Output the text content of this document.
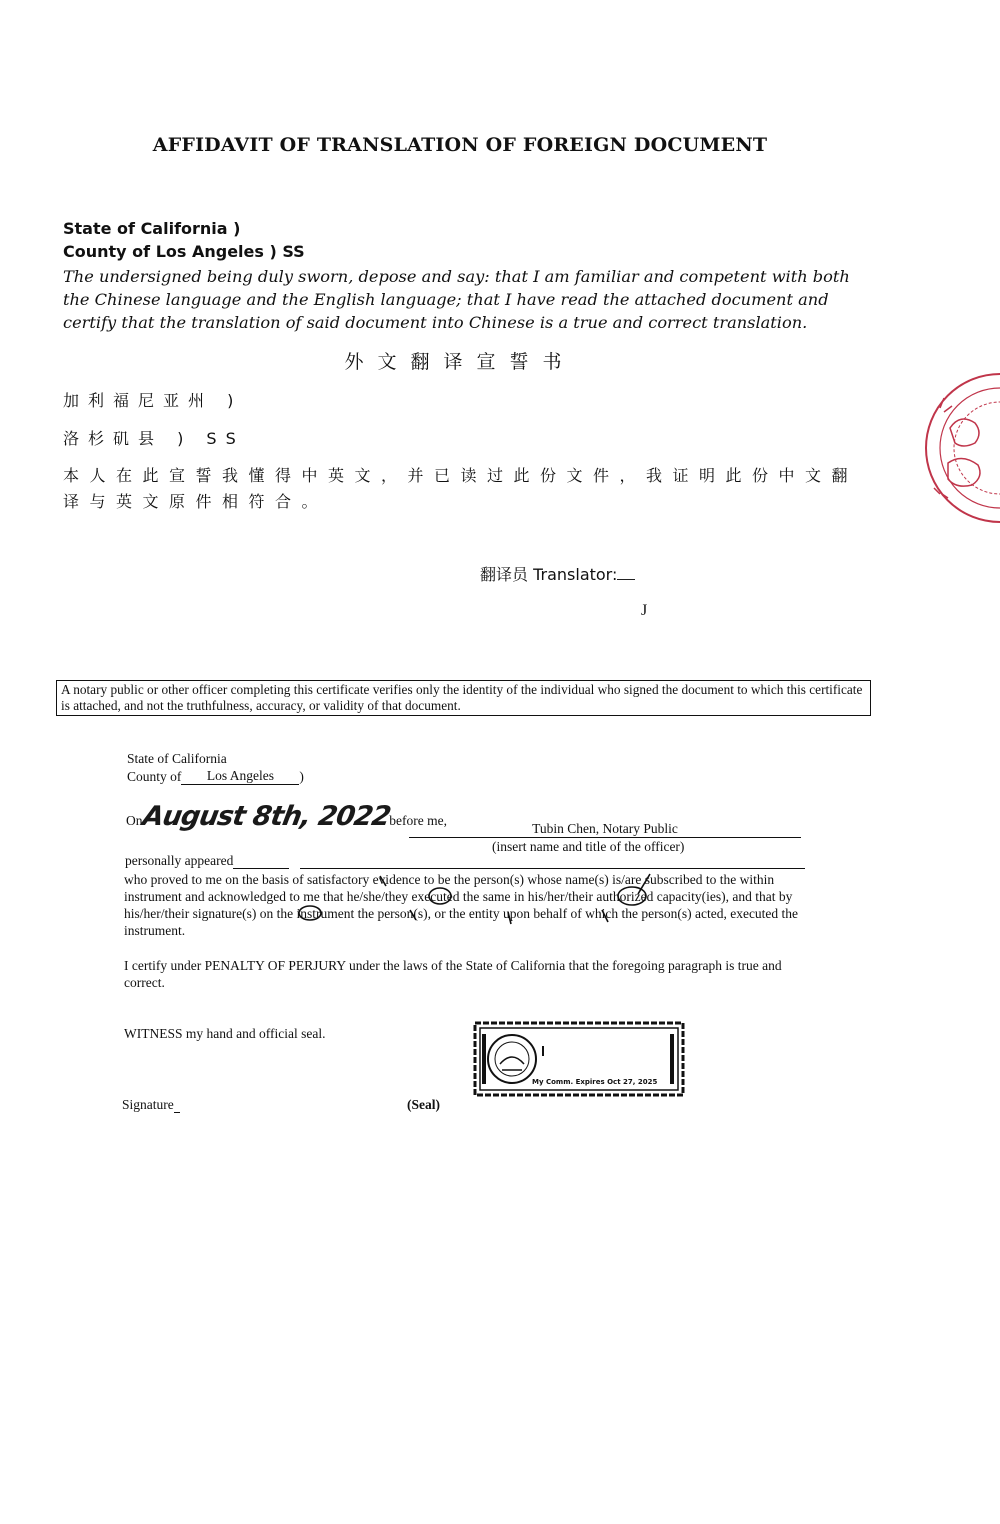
AFFIDAVIT OF TRANSLATION OF FOREIGN DOCUMENT
State of California )
County of Los Angeles ) SS
The undersigned being duly sworn, depose and say: that I am familiar and competent with both the Chinese language and the English language; that I have read the attached document and certify that the translation of said document into Chinese is a true and correct translation.
外文翻译宣誓书
加利福尼亚州 )
洛杉矶县 ) SS
本人在此宣誓我懂得中英文，并已读过此份文件，我证明此份中文翻译与英文原件相符合。
翻译员 Translator:
J
A notary public or other officer completing this certificate verifies only the identity of the individual who signed the document to which this certificate is attached, and not the truthfulness, accuracy, or validity of that document.
State of California
County of Los Angeles )
OnAugust 8th, 2022before me,
Tubin Chen, Notary Public
(insert name and title of the officer)
personally appeared
who proved to me on the basis of satisfactory evidence to be the person(s) whose name(s) is/are subscribed to the within instrument and acknowledged to me that he/she/they executed the same in his/her/their authorized capacity(ies), and that by his/her/their signature(s) on the instrument the person(s), or the entity upon behalf of which the person(s) acted, executed the instrument.
I certify under PENALTY OF PERJURY under the laws of the State of California that the foregoing paragraph is true and correct.
WITNESS my hand and official seal.
Signature	(Seal)
My Comm. Expires Oct 27, 2025
